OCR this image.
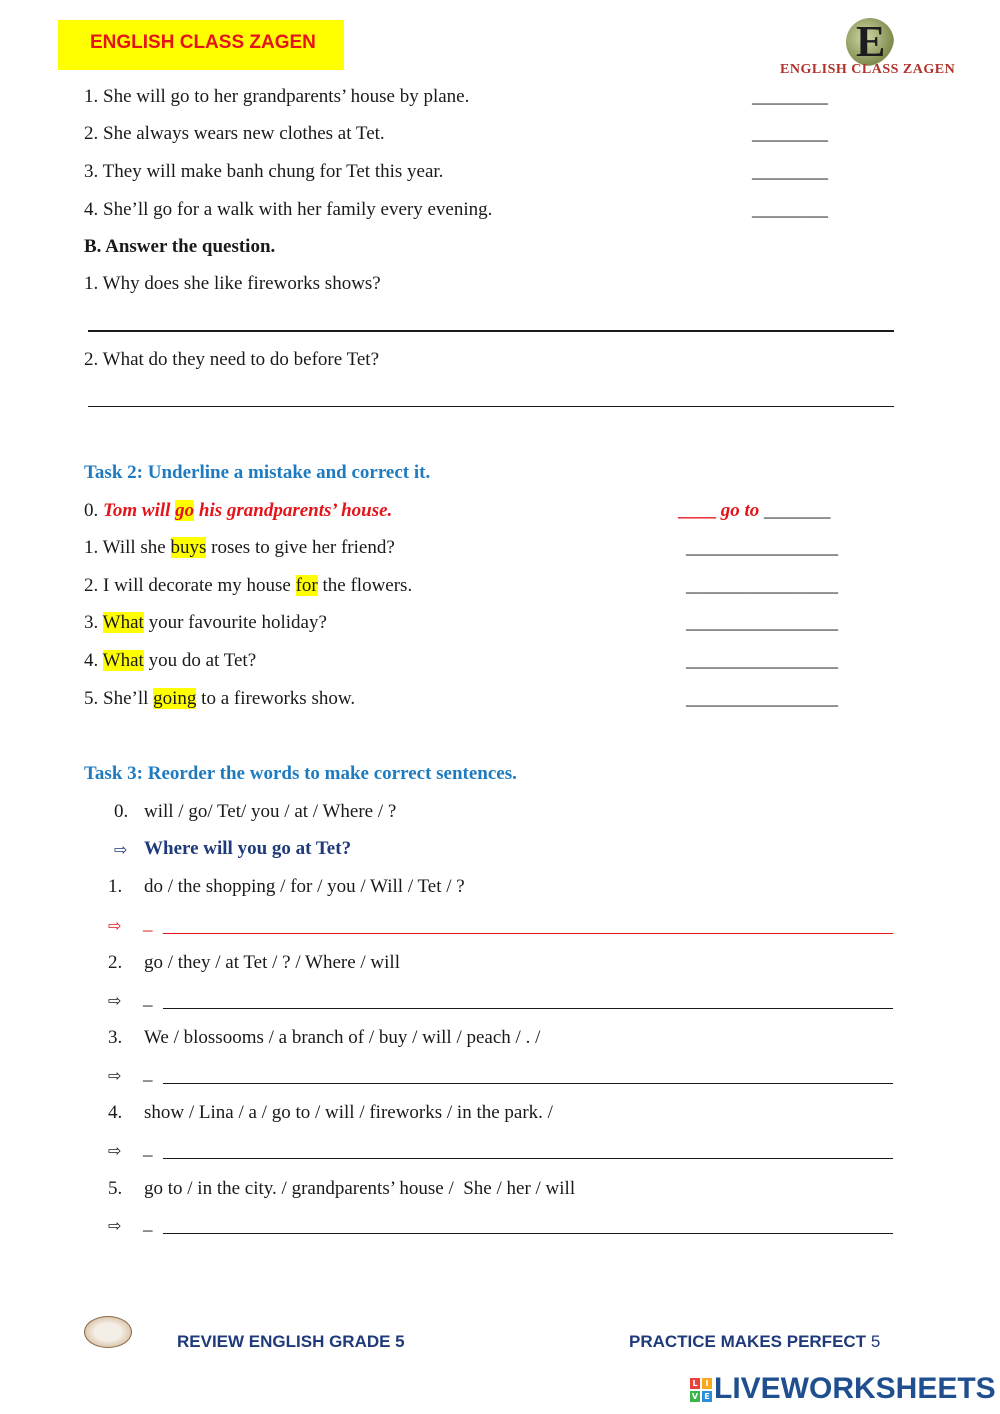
ENGLISH CLASS ZAGEN	E
ENGLISH CLASS ZAGEN
1. She will go to her grandparents’ house by plane.	________
2. She always wears new clothes at Tet.	________
3. They will make banh chung for Tet this year.	________
4. She’ll go for a walk with her family every evening.	________
B. Answer the question.
1. Why does she like fireworks shows?
2. What do they need to do before Tet?
Task 2: Underline a mistake and correct it.
0. Tom will go his grandparents’ house.	____ go to _______
1. Will she buys roses to give her friend?	________________
2. I will decorate my house for the flowers.	________________
3. What your favourite holiday?	________________
4. What you do at Tet?	________________
5. She’ll going to a fireworks show.	________________
Task 3: Reorder the words to make correct sentences.
0. will / go/ Tet/ you / at / Where / ?
⇨ Where will you go at Tet?
1. do / the shopping / for / you / Will / Tet / ?
⇨ _
2. go / they / at Tet / ? / Where / will
⇨ _
3. We / blossooms / a branch of / buy / will / peach / . /
⇨ _
4. show / Lina / a / go to / will / fireworks / in the park. /
⇨ _
5. go to / in the city. / grandparents’ house /  She / her / will
⇨ _
REVIEW ENGLISH GRADE 5	PRACTICE MAKES PERFECT 5
L I
V E LIVEWORKSHEETS
